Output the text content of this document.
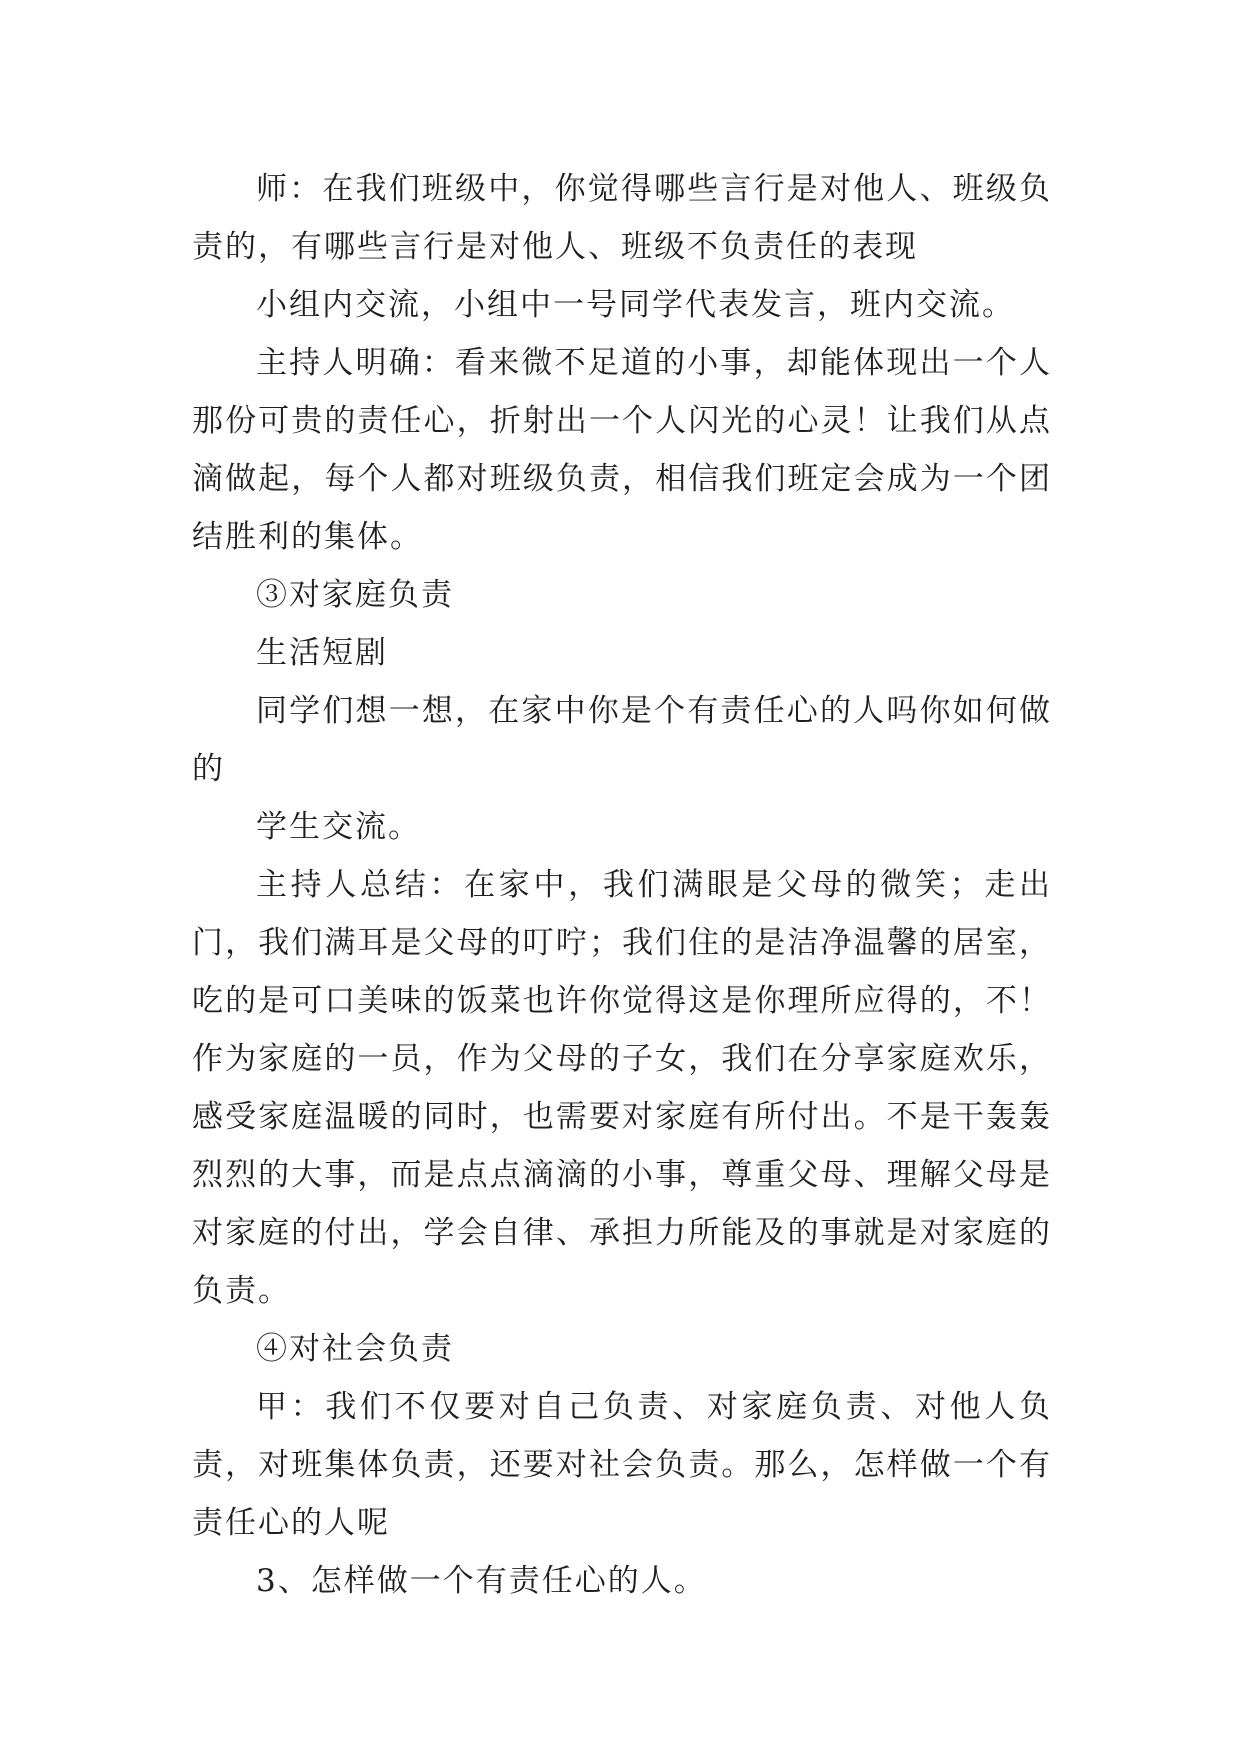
师：在我们班级中，你觉得哪些言行是对他人、班级负责的，有哪些言行是对他人、班级不负责任的表现

小组内交流，小组中一号同学代表发言，班内交流。

主持人明确：看来微不足道的小事，却能体现出一个人那份可贵的责任心，折射出一个人闪光的心灵！让我们从点滴做起，每个人都对班级负责，相信我们班定会成为一个团结胜利的集体。

③对家庭负责

生活短剧

同学们想一想，在家中你是个有责任心的人吗你如何做的

学生交流。

主持人总结：在家中，我们满眼是父母的微笑；走出门，我们满耳是父母的叮咛；我们住的是洁净温馨的居室，吃的是可口美味的饭菜也许你觉得这是你理所应得的，不！作为家庭的一员，作为父母的子女，我们在分享家庭欢乐，感受家庭温暖的同时，也需要对家庭有所付出。不是干轰轰烈烈的大事，而是点点滴滴的小事，尊重父母、理解父母是对家庭的付出，学会自律、承担力所能及的事就是对家庭的负责。

④对社会负责

甲：我们不仅要对自己负责、对家庭负责、对他人负责，对班集体负责，还要对社会负责。那么，怎样做一个有责任心的人呢

3、怎样做一个有责任心的人。
